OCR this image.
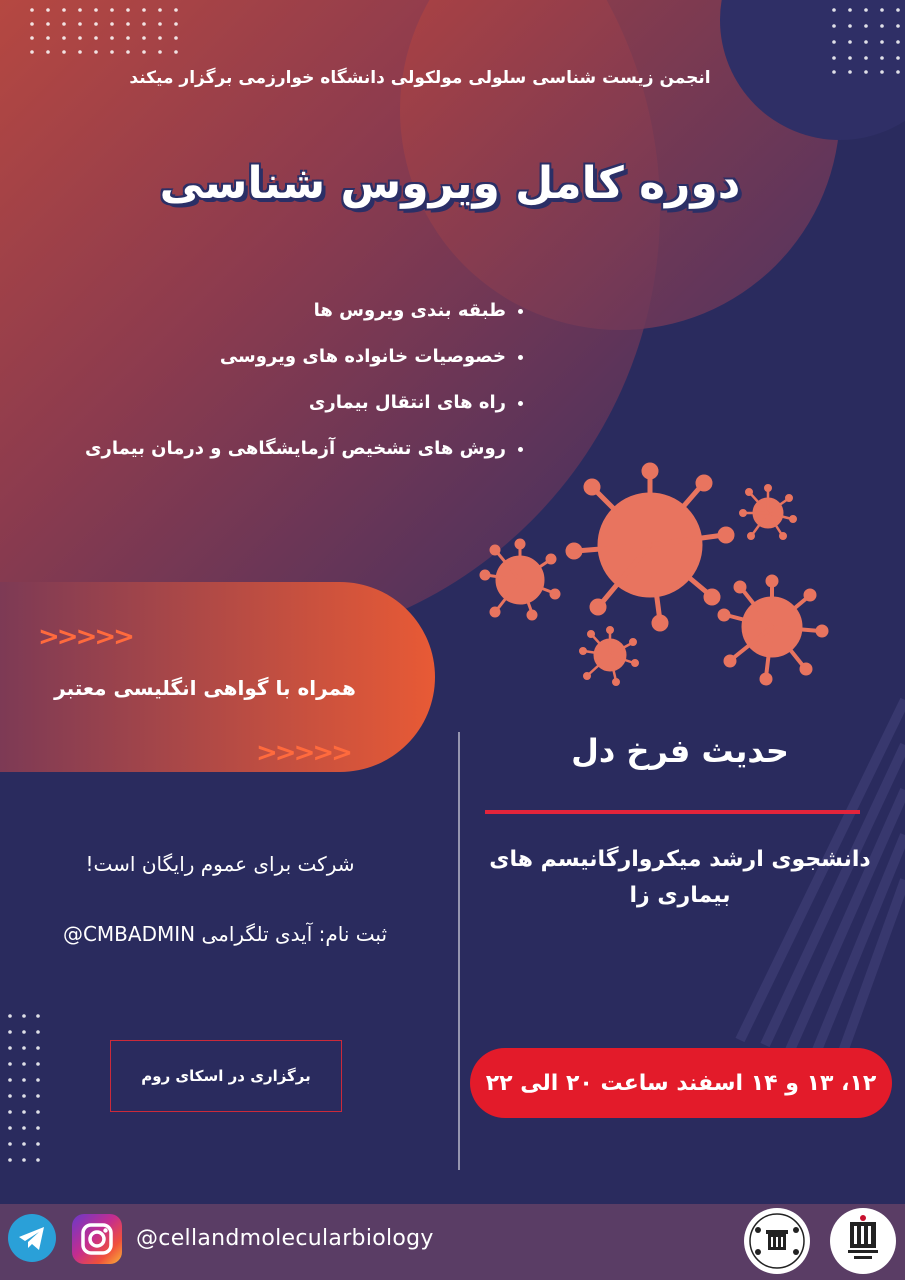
انجمن زیست شناسی سلولی مولکولی دانشگاه خوارزمی برگزار میکند
دوره کامل ویروس شناسی
• طبقه بندی ویروس ها
• خصوصیات خانواده های ویروسی
• راه های انتقال بیماری
• روش های تشخیص آزمایشگاهی و درمان بیماری
>>>>>
همراه با گواهی انگلیسی معتبر
>>>>>	حدیث فرخ دل
دانشجوی ارشد میکروارگانیسم های بیماری زا
شرکت برای عموم رایگان است!
ثبت نام: آیدی تلگرامی CMBADMIN@
برگزاری در اسکای روم	۱۲، ۱۳ و ۱۴ اسفند ساعت ۲۰ الی ۲۲
@cellandmolecularbiology
